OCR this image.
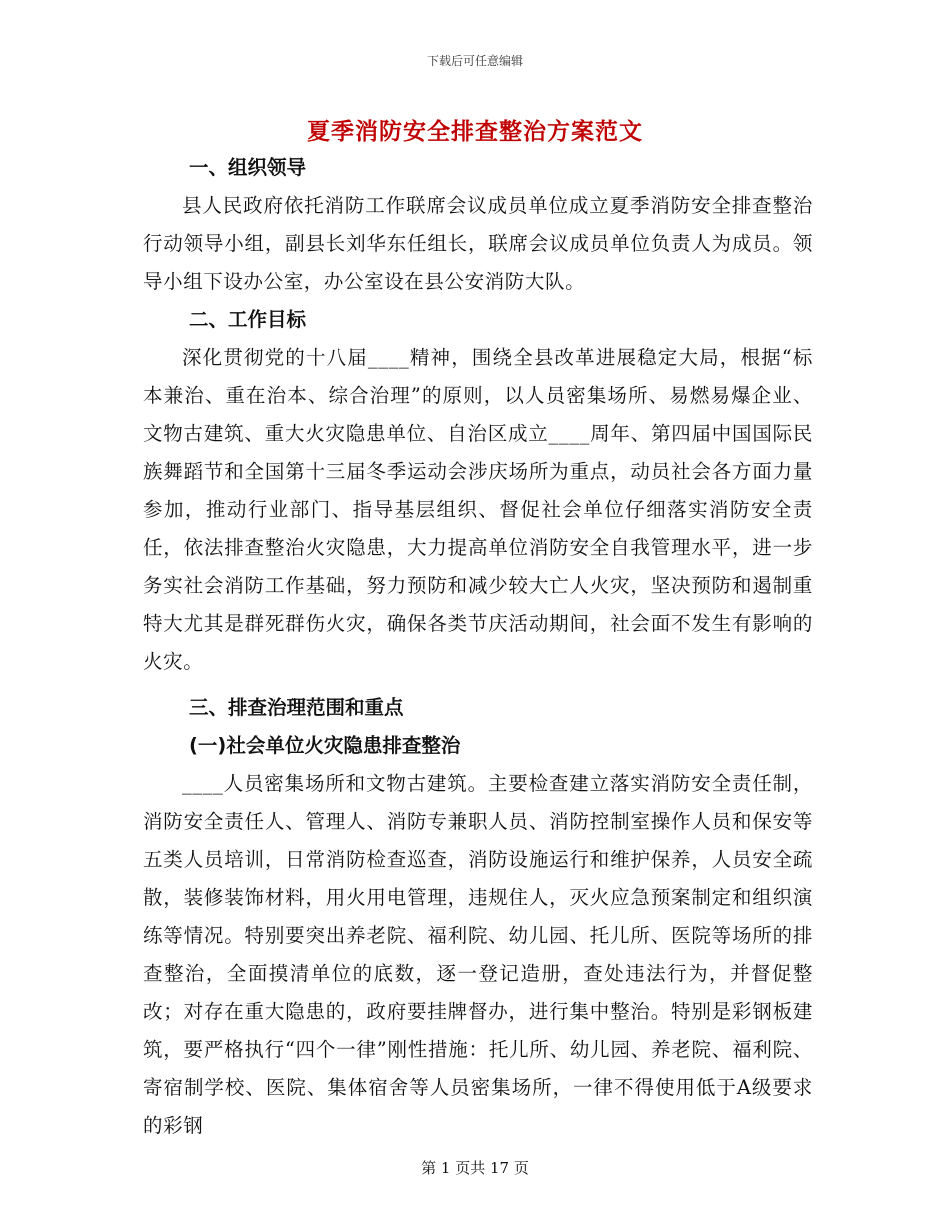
下载后可任意编辑
夏季消防安全排查整治方案范文
一、组织领导
县人民政府依托消防工作联席会议成员单位成立夏季消防安全排查整治行动领导小组，副县长刘华东任组长，联席会议成员单位负责人为成员。领导小组下设办公室，办公室设在县公安消防大队。
二、工作目标
深化贯彻党的十八届____精神，围绕全县改革进展稳定大局，根据“标本兼治、重在治本、综合治理”的原则，以人员密集场所、易燃易爆企业、文物古建筑、重大火灾隐患单位、自治区成立____周年、第四届中国国际民族舞蹈节和全国第十三届冬季运动会涉庆场所为重点，动员社会各方面力量参加，推动行业部门、指导基层组织、督促社会单位仔细落实消防安全责任，依法排查整治火灾隐患，大力提高单位消防安全自我管理水平，进一步务实社会消防工作基础，努力预防和减少较大亡人火灾，坚决预防和遏制重特大尤其是群死群伤火灾，确保各类节庆活动期间，社会面不发生有影响的火灾。
三、排查治理范围和重点
(一)社会单位火灾隐患排查整治
____人员密集场所和文物古建筑。主要检查建立落实消防安全责任制，消防安全责任人、管理人、消防专兼职人员、消防控制室操作人员和保安等五类人员培训，日常消防检查巡查，消防设施运行和维护保养，人员安全疏散，装修装饰材料，用火用电管理，违规住人，灭火应急预案制定和组织演练等情况。特别要突出养老院、福利院、幼儿园、托儿所、医院等场所的排查整治，全面摸清单位的底数，逐一登记造册，查处违法行为，并督促整改；对存在重大隐患的，政府要挂牌督办，进行集中整治。特别是彩钢板建筑，要严格执行“四个一律”刚性措施：托儿所、幼儿园、养老院、福利院、寄宿制学校、医院、集体宿舍等人员密集场所，一律不得使用低于A级要求的彩钢
第 1 页共 17 页
